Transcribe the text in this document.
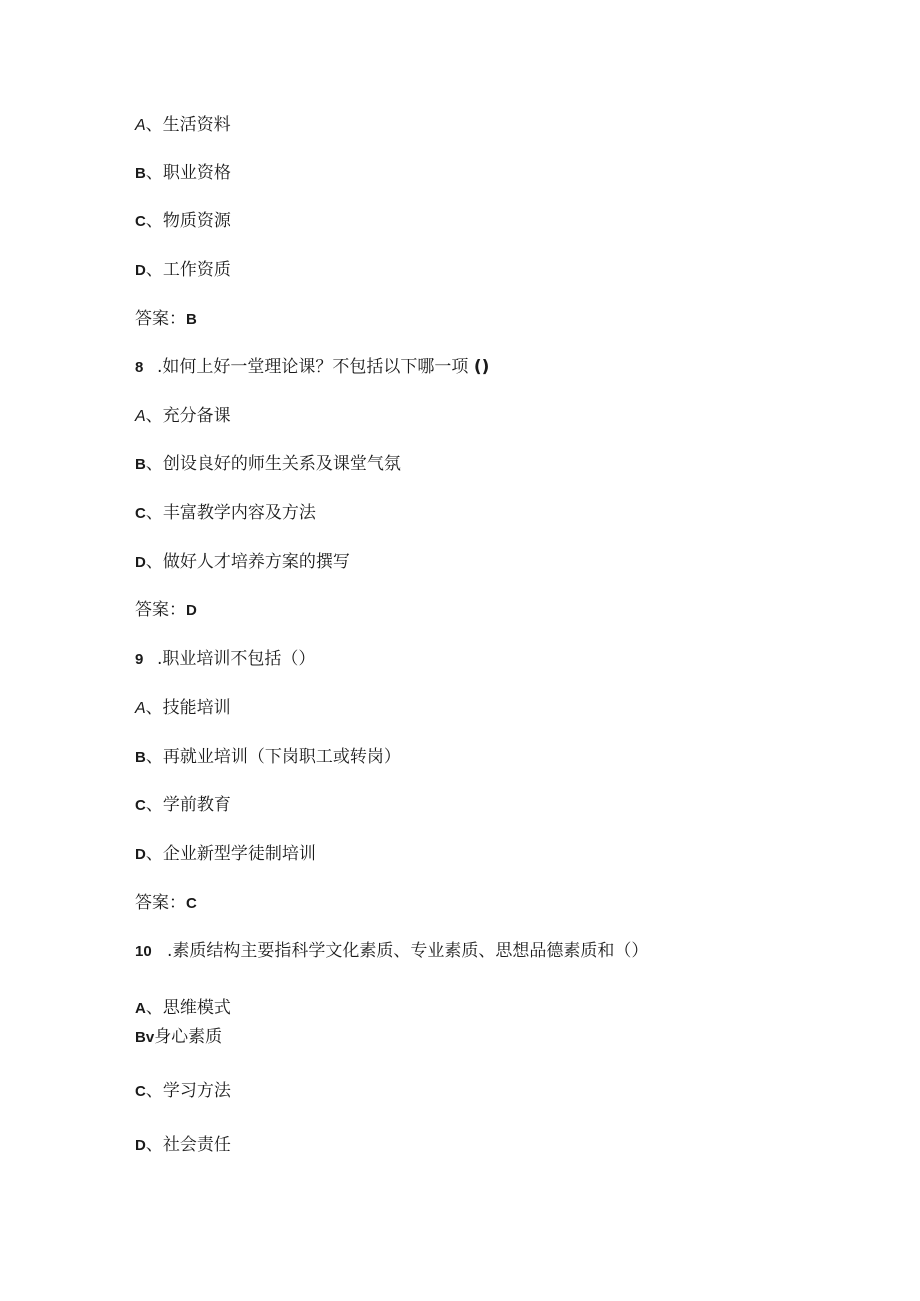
A、生活资料
B、职业资格
C、物质资源
D、工作资质
答案：B
8 .如何上好一堂理论课？不包括以下哪一项 ()
A、充分备课
B、创设良好的师生关系及课堂气氛
C、丰富教学内容及方法
D、做好人才培养方案的撰写
答案：D
9 .职业培训不包括（）
A、技能培训
B、再就业培训（下岗职工或转岗）
C、学前教育
D、企业新型学徒制培训
答案：C
10 .素质结构主要指科学文化素质、专业素质、思想品德素质和（）
A、思维模式
Bv身心素质
C、学习方法
D、社会责任
